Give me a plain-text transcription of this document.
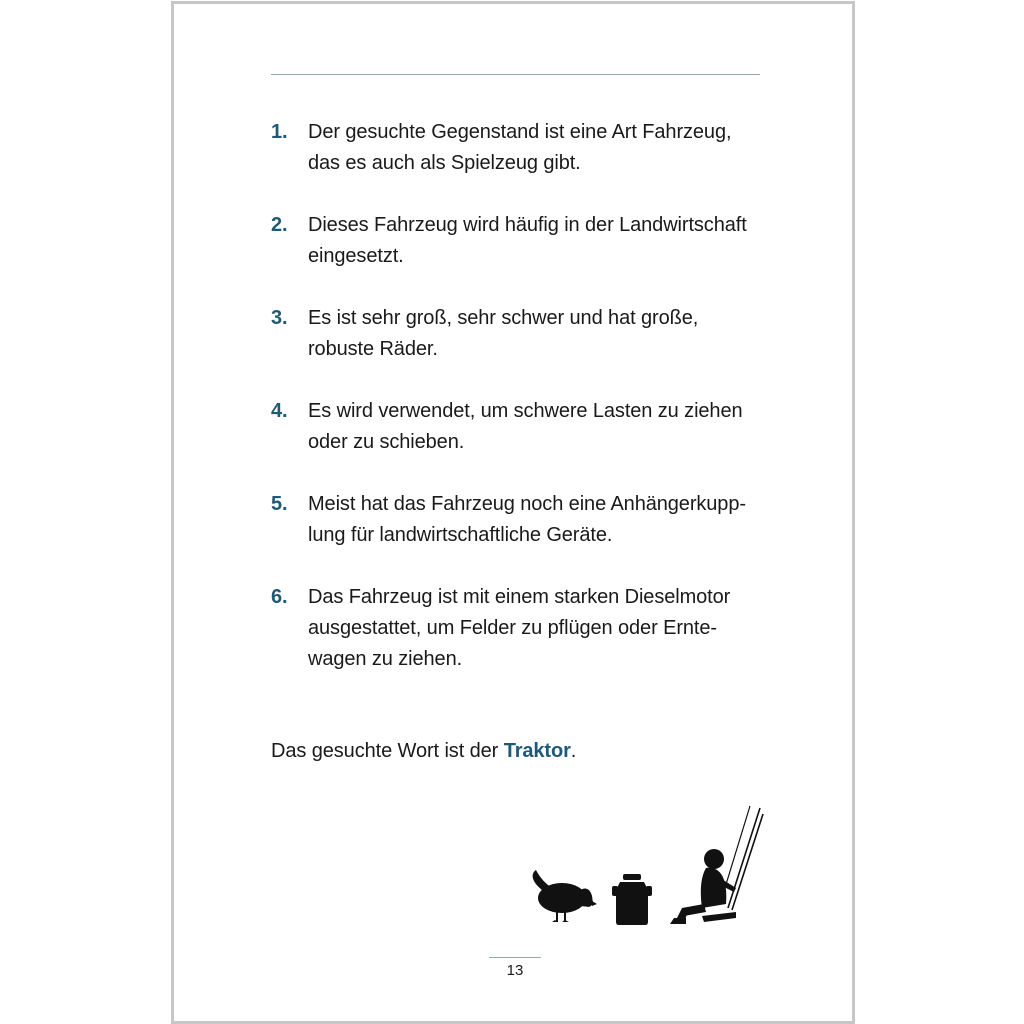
1.	Der gesuchte Gegenstand ist eine Art Fahrzeug,
das es auch als Spielzeug gibt.
2.	Dieses Fahrzeug wird häufig in der Landwirtschaft
eingesetzt.
3.	Es ist sehr groß, sehr schwer und hat große,
robuste Räder.
4.	Es wird verwendet, um schwere Lasten zu ziehen
oder zu schieben.
5.	Meist hat das Fahrzeug noch eine Anhängerkupp-
lung für landwirtschaftliche Geräte.
6.	Das Fahrzeug ist mit einem starken Dieselmotor
ausgestattet, um Felder zu pflügen oder Ernte-
wagen zu ziehen.
Das gesuchte Wort ist der Traktor.
13
